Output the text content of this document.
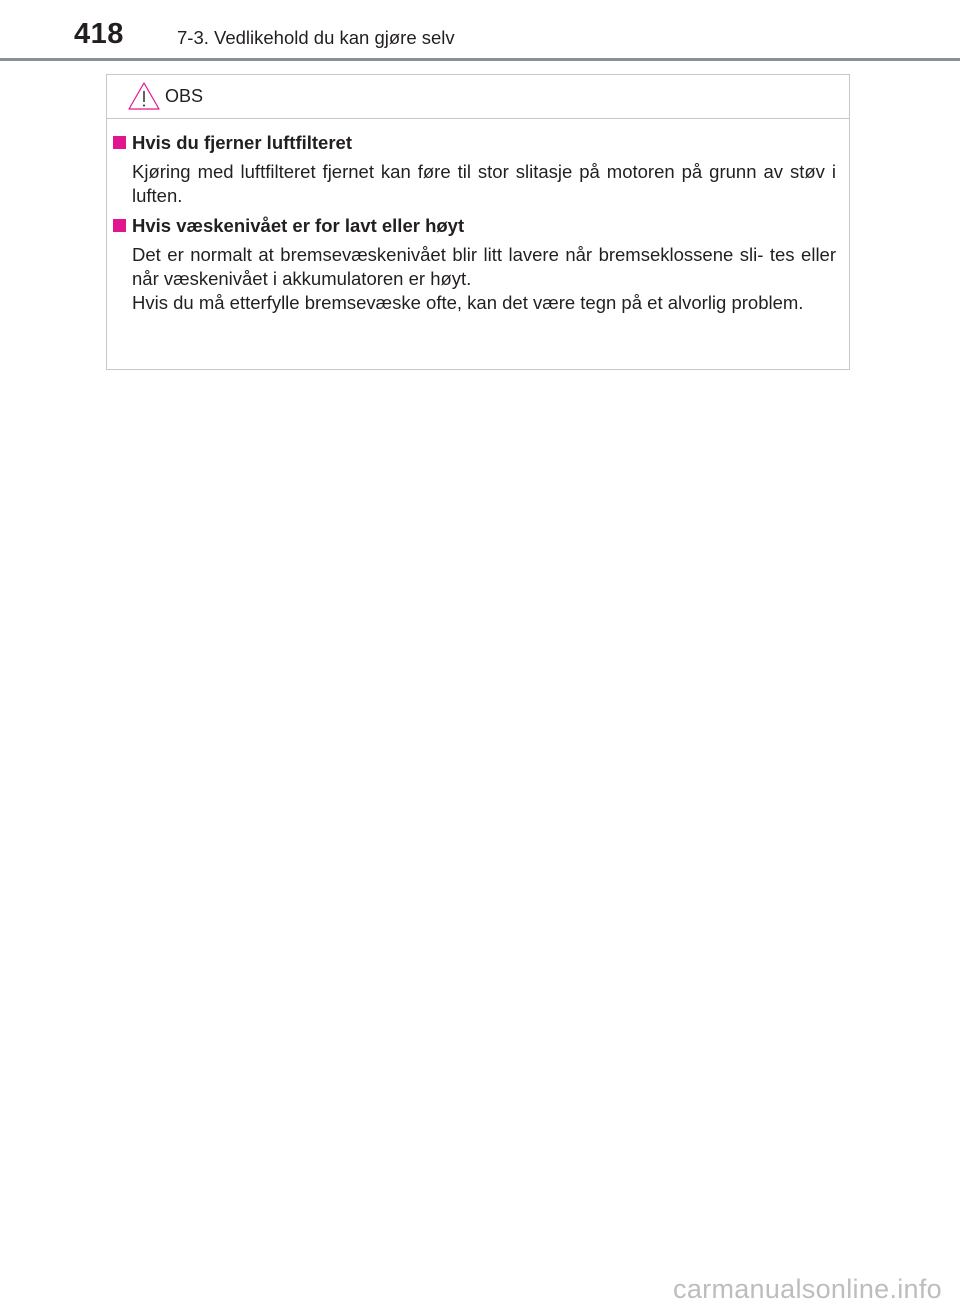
418	7-3. Vedlikehold du kan gjøre selv
OBS
Hvis du fjerner luftfilteret

Kjøring med luftfilteret fjernet kan føre til stor slitasje på motoren på grunn av støv i luften.

Hvis væskenivået er for lavt eller høyt

Det er normalt at bremsevæskenivået blir litt lavere når bremseklossene sli- tes eller når væskenivået i akkumulatoren er høyt.

Hvis du må etterfylle bremsevæske ofte, kan det være tegn på et alvorlig problem.

carmanualsonline.info
